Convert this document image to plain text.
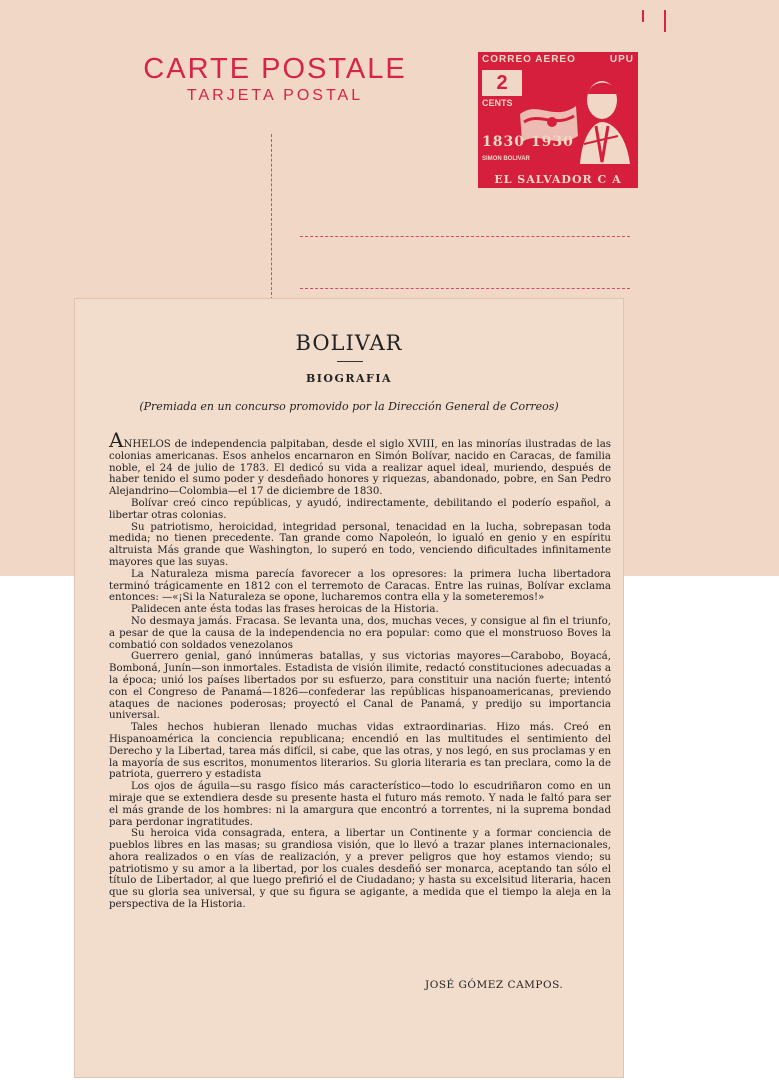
CARTE POSTALE
TARJETA POSTAL
CORREO AEREO	UPU
2
CENTS
1830 1930
SIMON BOLIVAR
EL SALVADOR C A
BOLIVAR
BIOGRAFIA
(Premiada en un concurso promovido por la Dirección General de Correos)

ANHELOS de independencia palpitaban, desde el siglo XVIII, en las minorías ilustradas de las colonias americanas. Esos anhelos encarnaron en Simón Bolívar, nacido en Caracas, de familia noble, el 24 de julio de 1783. El dedicó su vida a realizar aquel ideal, muriendo, después de haber tenido el sumo poder y desdeñado honores y riquezas, abandonado, pobre, en San Pedro Alejandrino—Colombia—el 17 de diciembre de 1830.

Bolívar creó cinco repúblicas, y ayudó, indirectamente, debilitando el poderío español, a libertar otras colonias.

Su patriotismo, heroicidad, integridad personal, tenacidad en la lucha, sobrepasan toda medida; no tienen precedente. Tan grande como Napoleón, lo igualó en genio y en espíritu altruista Más grande que Washington, lo superó en todo, venciendo dificultades infinitamente mayores que las suyas.

La Naturaleza misma parecía favorecer a los opresores: la primera lucha libertadora terminó trágicamente en 1812 con el terremoto de Caracas. Entre las ruinas, Bolívar exclama entonces: —«¡Si la Naturaleza se opone, lucharemos contra ella y la someteremos!»

Palidecen ante ésta todas las frases heroicas de la Historia.

No desmaya jamás. Fracasa. Se levanta una, dos, muchas veces, y consigue al fin el triunfo, a pesar de que la causa de la independencia no era popular: como que el monstruoso Boves la combatió con soldados venezolanos

Guerrero genial, ganó innúmeras batallas, y sus victorias mayores—Carabobo, Boyacá, Bomboná, Junín—son inmortales. Estadista de visión ilimite, redactó constituciones adecuadas a la época; unió los países libertados por su esfuerzo, para constituir una nación fuerte; intentó con el Congreso de Panamá—1826—confederar las repúblicas hispanoamericanas, previendo ataques de naciones poderosas; proyectó el Canal de Panamá, y predijo su importancia universal.

Tales hechos hubieran llenado muchas vidas extraordinarias. Hizo más. Creó en Hispanoamérica la conciencia republicana; encendió en las multitudes el sentimiento del Derecho y la Libertad, tarea más difícil, si cabe, que las otras, y nos legó, en sus proclamas y en la mayoría de sus escritos, monumentos literarios. Su gloria literaria es tan preclara, como la de patriota, guerrero y estadista

Los ojos de águila—su rasgo físico más característico—todo lo escudriñaron como en un miraje que se extendiera desde su presente hasta el futuro más remoto. Y nada le faltó para ser el más grande de los hombres: ni la amargura que encontró a torrentes, ni la suprema bondad para perdonar ingratitudes.

Su heroica vida consagrada, entera, a libertar un Continente y a formar conciencia de pueblos libres en las masas; su grandiosa visión, que lo llevó a trazar planes internacionales, ahora realizados o en vías de realización, y a prever peligros que hoy estamos viendo; su patriotismo y su amor a la libertad, por los cuales desdeñó ser monarca, aceptando tan sólo el título de Libertador, al que luego prefirió el de Ciudadano; y hasta su excelsitud literaria, hacen que su gloria sea universal, y que su figura se agigante, a medida que el tiempo la aleja en la perspectiva de la Historia.

JOSÉ GÓMEZ CAMPOS.
